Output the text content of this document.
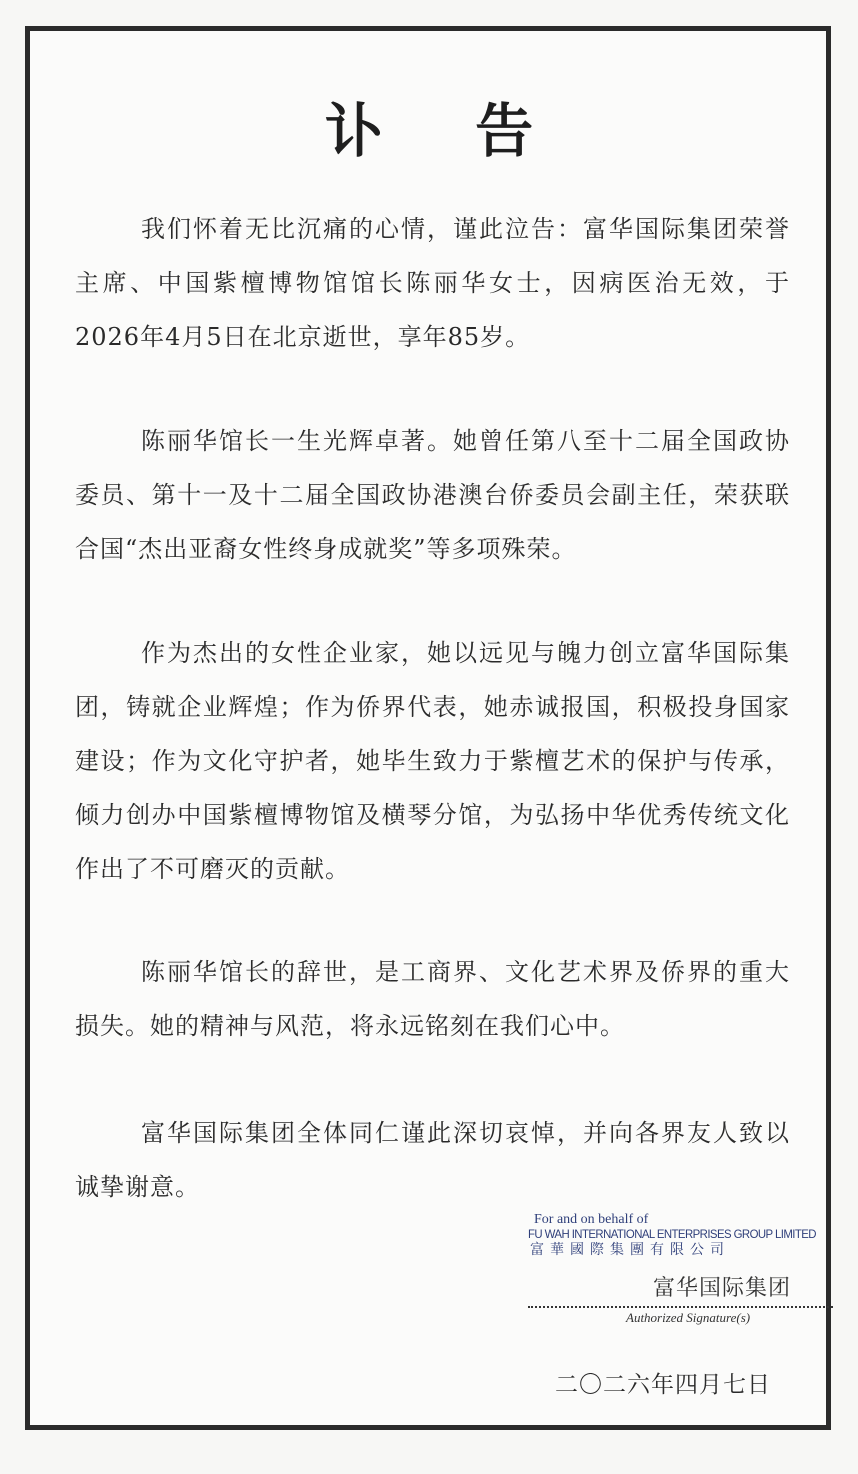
讣 告

我们怀着无比沉痛的心情，谨此泣告：富华国际集团荣誉主席、中国紫檀博物馆馆长陈丽华女士，因病医治无效，于2026年4月5日在北京逝世，享年85岁。

陈丽华馆长一生光辉卓著。她曾任第八至十二届全国政协委员、第十一及十二届全国政协港澳台侨委员会副主任，荣获联合国“杰出亚裔女性终身成就奖”等多项殊荣。

作为杰出的女性企业家，她以远见与魄力创立富华国际集团，铸就企业辉煌；作为侨界代表，她赤诚报国，积极投身国家建设；作为文化守护者，她毕生致力于紫檀艺术的保护与传承，倾力创办中国紫檀博物馆及横琴分馆，为弘扬中华优秀传统文化作出了不可磨灭的贡献。

陈丽华馆长的辞世，是工商界、文化艺术界及侨界的重大损失。她的精神与风范，将永远铭刻在我们心中。

富华国际集团全体同仁谨此深切哀悼，并向各界友人致以诚挚谢意。

For and on behalf of
FU WAH INTERNATIONAL ENTERPRISES GROUP LIMITED
富華國際集團有限公司
富华国际集团
Authorized Signature(s)
二〇二六年四月七日
